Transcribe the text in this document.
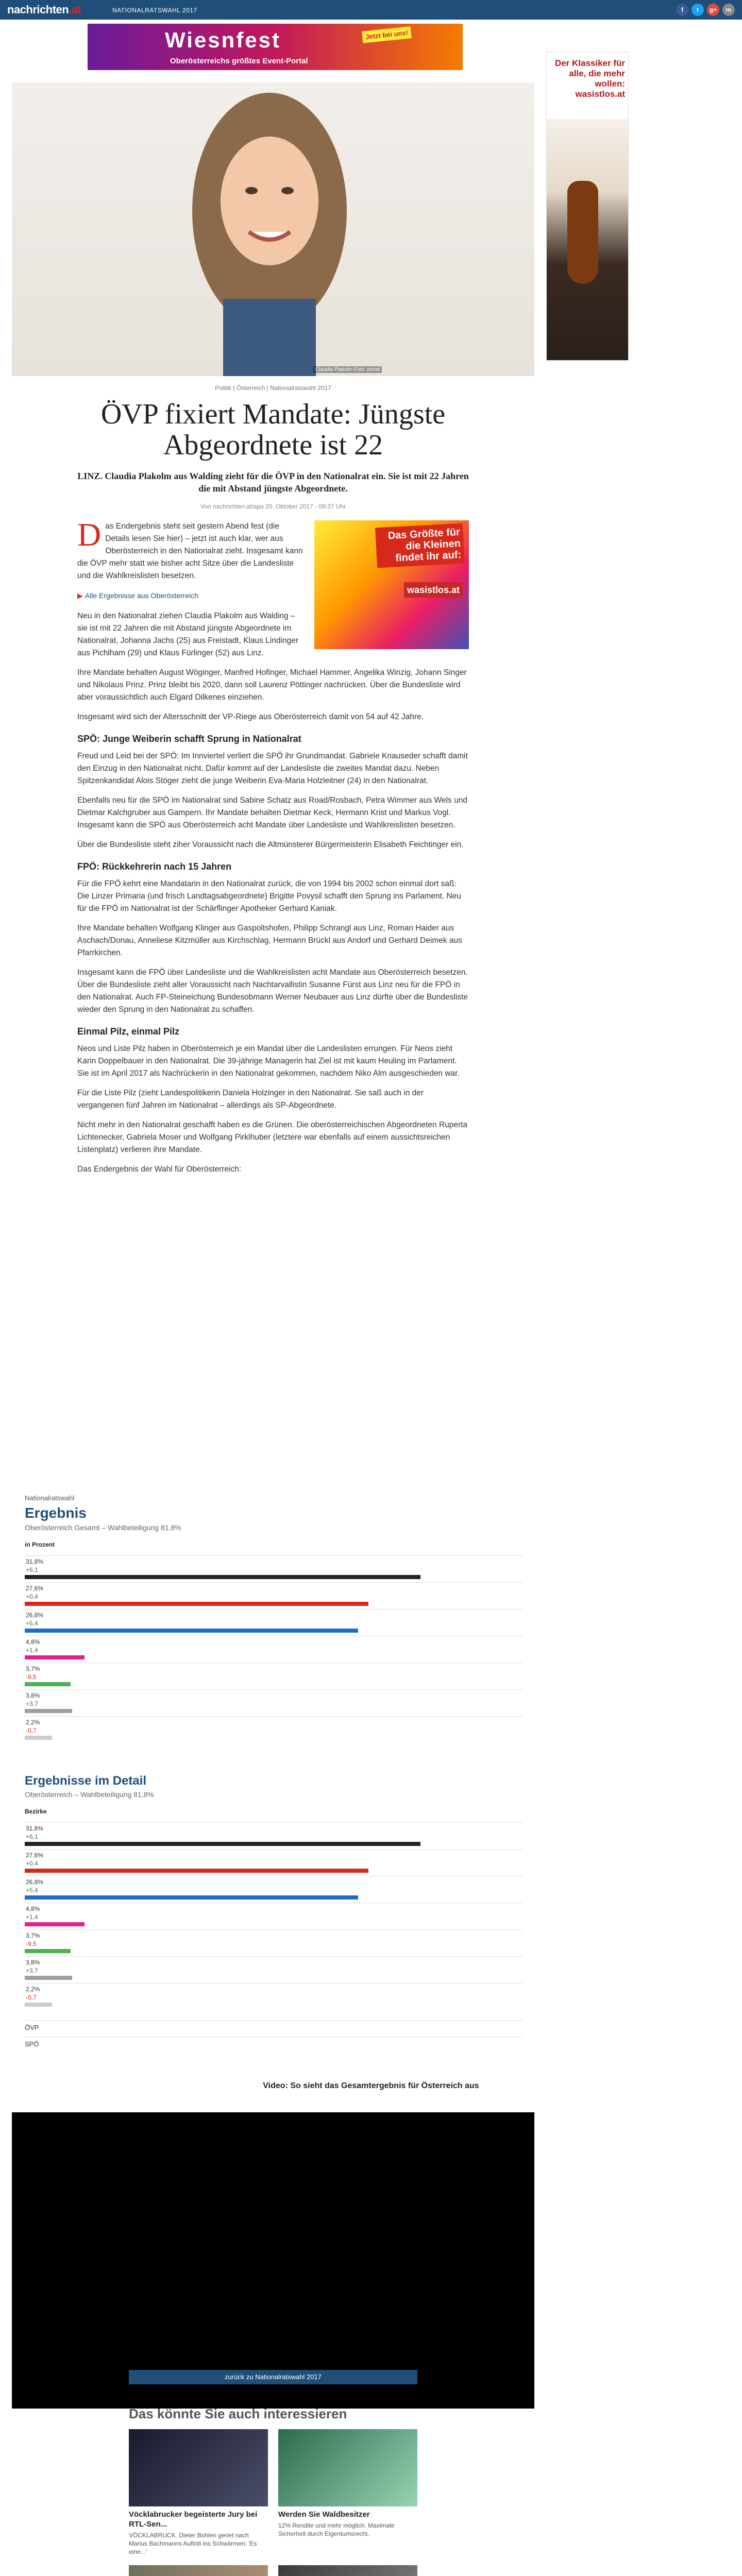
nachrichten.at	NATIONALRATSWAHL 2017	f	t	g+	m
Wiesnfest
Oberösterreichs größtes Event-Portal
Jetzt bei uns!
Der Klassiker für alle, die mehr wollen: wasistlos.at
Claudia Plakolm Foto: privat
Politik | Österreich | Nationalratswahl 2017
ÖVP fixiert Mandate: Jüngste Abgeordnete ist 22
LINZ. Claudia Plakolm aus Walding zieht für die ÖVP in den Nationalrat ein. Sie ist mit 22 Jahren die mit Abstand jüngste Abgeordnete.
Von nachrichten.at/apa 20. Oktober 2017 - 09:37 Uhr
Das Größte für die Kleinen findet ihr auf:
wasistlos.at

Das Endergebnis steht seit gestern Abend fest (die Details lesen Sie hier) – jetzt ist auch klar, wer aus Oberösterreich in den Nationalrat zieht. Insgesamt kann die ÖVP mehr statt wie bisher acht Sitze über die Landesliste und die Wahlkreislisten besetzen.

▶ Alle Ergebnisse aus Oberösterreich

Neu in den Nationalrat ziehen Claudia Plakolm aus Walding – sie ist mit 22 Jahren die mit Abstand jüngste Abgeordnete im Nationalrat, Johanna Jachs (25) aus Freistadt, Klaus Lindinger aus Pichlham (29) und Klaus Fürlinger (52) aus Linz.

Ihre Mandate behalten August Wöginger, Manfred Hofinger, Michael Hammer, Angelika Winzig, Johann Singer und Nikolaus Prinz. Prinz bleibt bis 2020, dann soll Laurenz Pöttinger nachrücken. Über die Bundesliste wird aber voraussichtlich auch Elgard Dilkenes einziehen.

Insgesamt wird sich der Altersschnitt der VP-Riege aus Oberösterreich damit von 54 auf 42 Jahre.

SPÖ: Junge Weiberin schafft Sprung in Nationalrat

Freud und Leid bei der SPÖ: Im Innviertel verliert die SPÖ ihr Grundmandat. Gabriele Knauseder schafft damit den Einzug in den Nationalrat nicht. Dafür kommt auf der Landesliste die zweites Mandat dazu. Neben Spitzenkandidat Alois Stöger zieht die junge Weiberin Eva-Maria Holzleitner (24) in den Nationalrat.

Ebenfalls neu für die SPÖ im Nationalrat sind Sabine Schatz aus Road/Rosbach, Petra Wimmer aus Wels und Dietmar Kalchgruber aus Gampern. Ihr Mandate behalten Dietmar Keck, Hermann Krist und Markus Vogl. Insgesamt kann die SPÖ aus Oberösterreich acht Mandate über Landesliste und Wahlkreislisten besetzen.

Über die Bundesliste steht ziher Voraussicht nach die Altmünsterer Bürgermeisterin Elisabeth Feichtinger ein.

FPÖ: Rückkehrerin nach 15 Jahren

Für die FPÖ kehrt eine Mandatarin in den Nationalrat zurück, die von 1994 bis 2002 schon einmal dort saß: Die Linzer Primaria (und frisch Landtagsabgeordnete) Brigitte Povysil schafft den Sprung ins Parlament. Neu für die FPÖ im Nationalrat ist der Schärflinger Apotheker Gerhard Kaniak.

Ihre Mandate behalten Wolfgang Klinger aus Gaspoltshofen, Philipp Schrangl aus Linz, Roman Haider aus Aschach/Donau, Anneliese Kitzmüller aus Kirchschlag, Hermann Brückl aus Andorf und Gerhard Deimek aus Pfarrkirchen.

Insgesamt kann die FPÖ über Landesliste und die Wahlkreislisten acht Mandate aus Oberösterreich besetzen. Über die Bundesliste zieht aller Voraussicht nach Nachtarvallistin Susanne Fürst aus Linz neu für die FPÖ in den Nationalrat. Auch FP-Steineichung Bundesobmann Werner Neubauer aus Linz dürfte über die Bundesliste wieder den Sprung in den Nationalrat zu schaffen.

Einmal Pilz, einmal Pilz

Neos und Liste Pilz haben in Oberösterreich je ein Mandat über die Landeslisten errungen. Für Neos zieht Karin Doppelbauer in den Nationalrat. Die 39-jährige Managerin hat Ziel ist mit kaum Heuling im Parlament. Sie ist im April 2017 als Nachrückerin in den Nationalrat gekommen, nachdem Niko Alm ausgeschieden war.

Für die Liste Pilz (zieht Landespolitikerin Daniela Holzinger in den Nationalrat. Sie saß auch in der vergangenen fünf Jahren im Nationalrat – allerdings als SP-Abgeordnete.

Nicht mehr in den Nationalrat geschafft haben es die Grünen. Die oberösterreichischen Abgeordneten Ruperta Lichtenecker, Gabriela Moser und Wolfgang Pirklhuber (letztere war ebenfalls auf einem aussichtsreichen Listenplatz) verlieren ihre Mandate.

Das Endergebnis der Wahl für Oberösterreich:

Nationalratswahl
Ergebnis
Oberösterreich Gesamt – Wahlbeteiligung 81,8%
in Prozent
31,8%
+6,1
27,6%
+0,4
26,8%
+5,4
4,8%
+1,4
3,7%
-9,5
3,8%
+3,7
2,2%
-0,7
Ergebnisse im Detail
Oberösterreich – Wahlbeteiligung 81,8%
Bezirke
31,8%
+6,1
27,6%
+0,4
26,8%
+5,4
4,8%
+1,4
3,7%
-9,5
3,8%
+3,7
2,2%
-0,7
ÖVP
SPÖ
Video: So sieht das Gesamtergebnis für Österreich aus
zurück zu Nationalratswahl 2017
Das könnte Sie auch interessieren
Vöcklabrucker begeisterte Jury bei RTL-Sen...
VÖCKLABRUCK. Dieter Bohlen geriet nach Marius Bachmanns Auftritt ins Schwärmen: 'Es eine...'
Werden Sie Waldbesitzer
12% Rendite und mehr möglich. Maximale Sicherheit durch Eigentumsrecht.
